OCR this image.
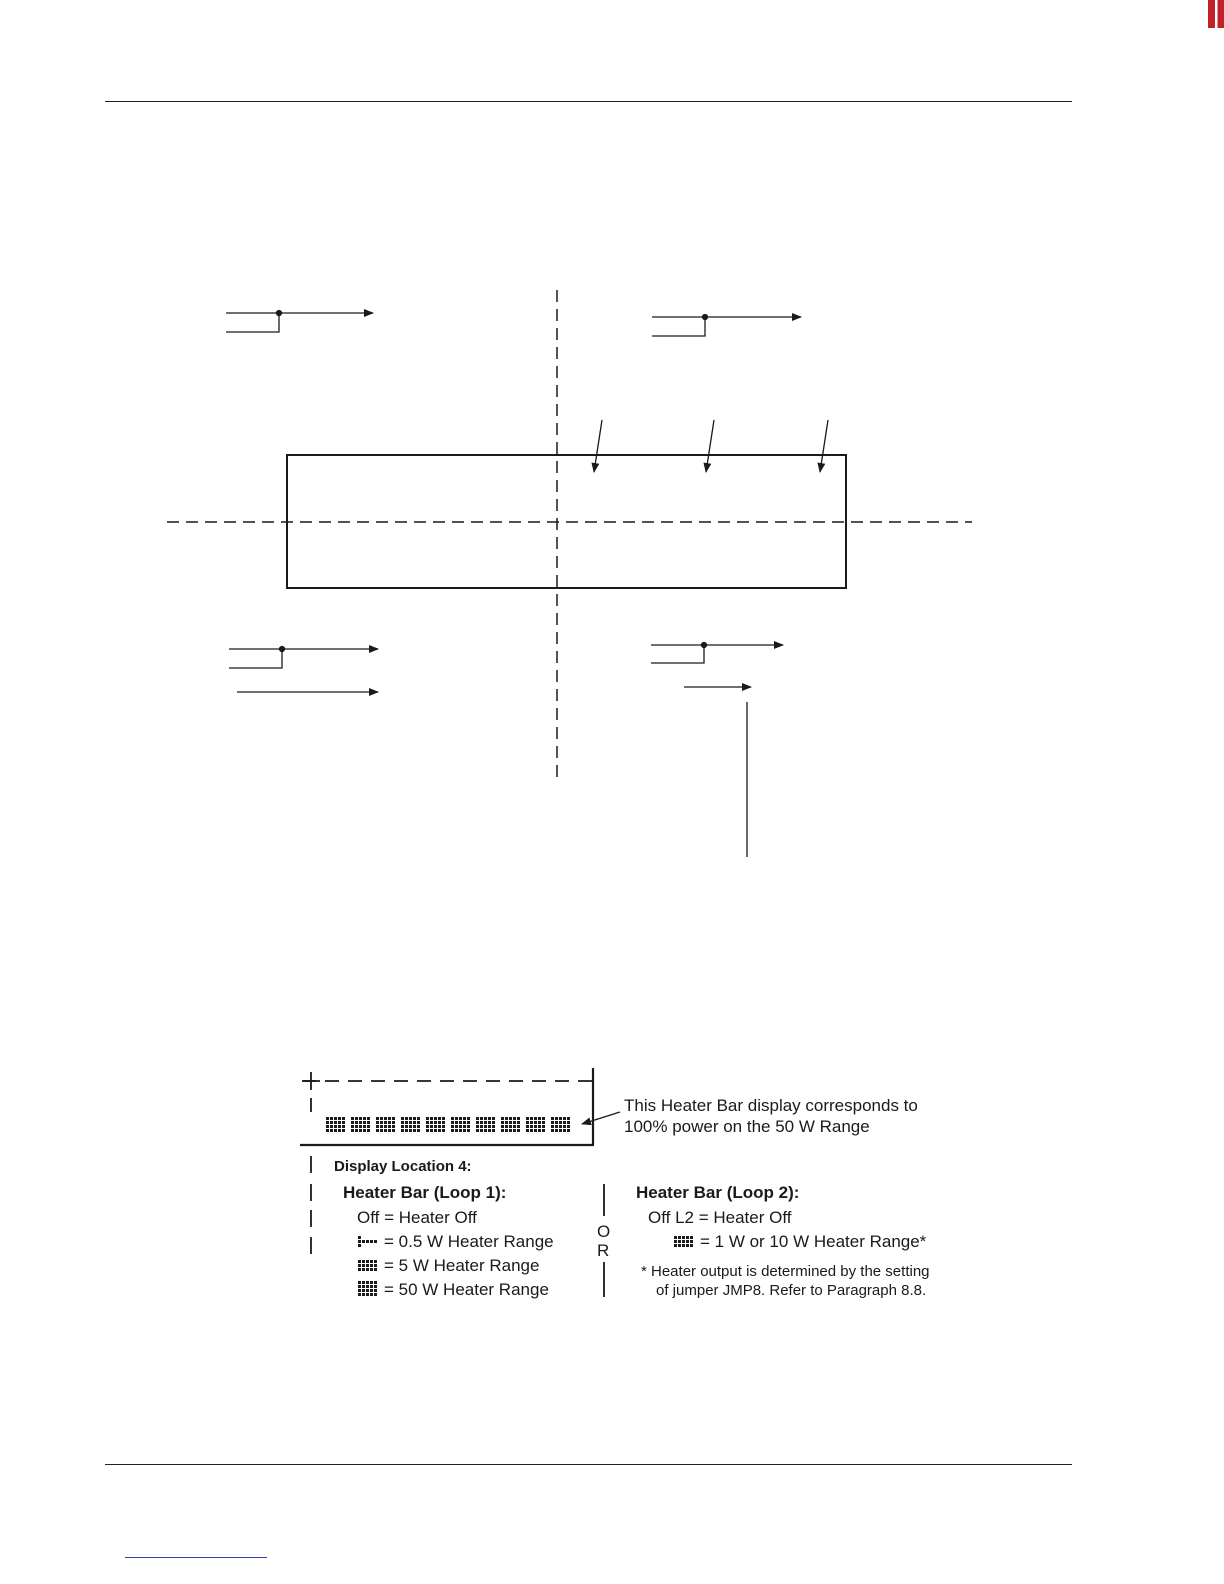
This Heater Bar display corresponds to
100% power on the 50 W Range
Display Location 4:
Heater Bar (Loop 1):
Off = Heater Off
= 0.5 W Heater Range
= 5 W Heater Range
= 50 W Heater Range
O
R
Heater Bar (Loop 2):
Off L2 = Heater Off
= 1 W or 10 W Heater Range*
* Heater output is determined by the setting
of jumper JMP8. Refer to Paragraph 8.8.
